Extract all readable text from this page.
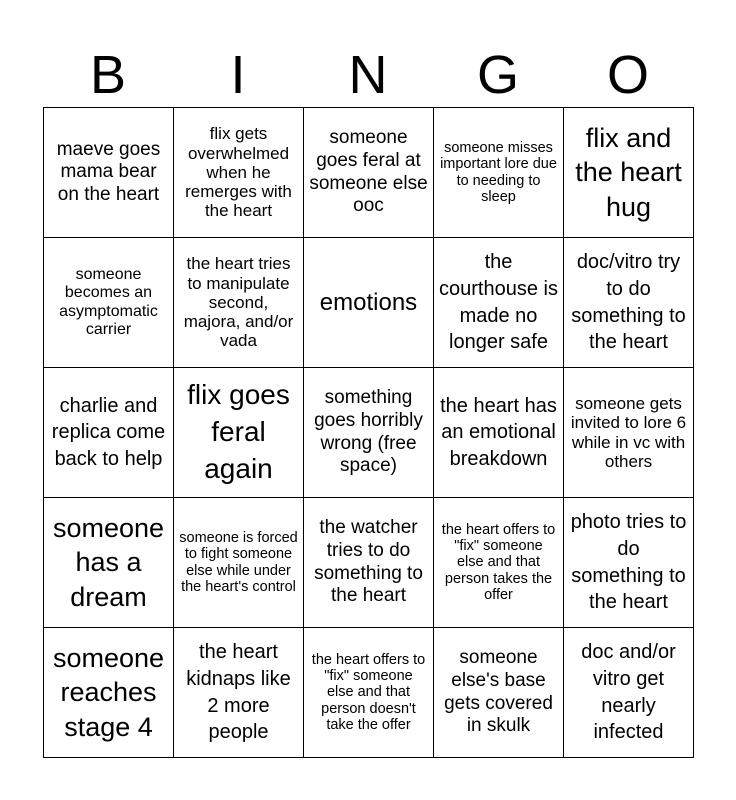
B	I	N	G	O
maeve goes mama bear on the heart	flix gets overwhelmed when he remerges with the heart	someone goes feral at someone else ooc	someone misses important lore due to needing to sleep	flix and the heart hug

someone becomes an asymptomatic carrier	the heart tries to manipulate second, majora, and/or vada	emotions	the courthouse is made no longer safe	doc/vitro try to do something to the heart

charlie and replica come back to help	flix goes feral again	something goes horribly wrong (free space)	the heart has an emotional breakdown	someone gets invited to lore 6 while in vc with others

someone has a dream	someone is forced to fight someone else while under the heart's control	the watcher tries to do something to the heart	the heart offers to "fix" someone else and that person takes the offer	photo tries to do something to the heart

someone reaches stage 4	the heart kidnaps like 2 more people	the heart offers to "fix" someone else and that person doesn't take the offer	someone else's base gets covered in skulk	doc and/or vitro get nearly infected
